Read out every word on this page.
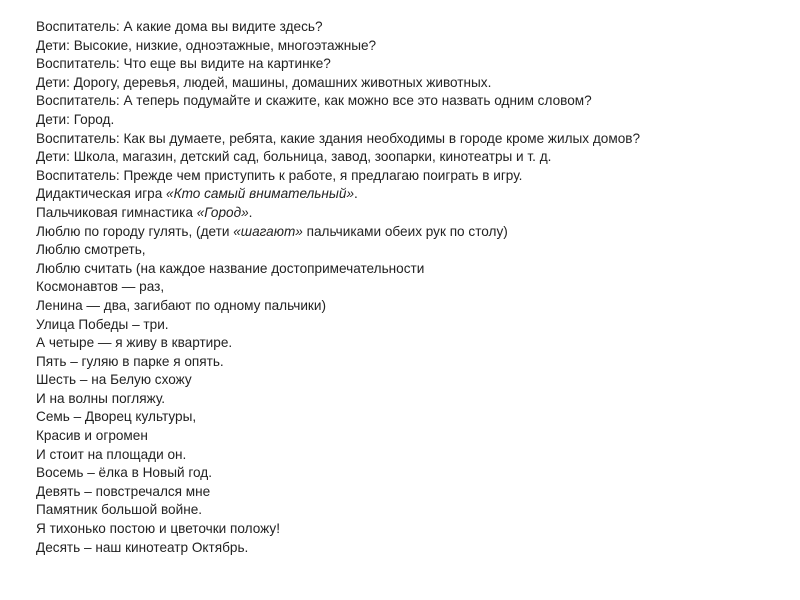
Воспитатель: А какие дома вы видите здесь?
Дети: Высокие, низкие, одноэтажные, многоэтажные?
Воспитатель: Что еще вы видите на картинке?
Дети: Дорогу, деревья, людей, машины, домашних животных животных.
Воспитатель: А теперь подумайте и скажите, как можно все это назвать одним словом?
Дети: Город.
Воспитатель: Как вы думаете, ребята, какие здания необходимы в городе кроме жилых домов?
Дети: Школа, магазин, детский сад, больница, завод, зоопарки, кинотеатры и т. д.
Воспитатель: Прежде чем приступить к работе, я предлагаю поиграть в игру.
Дидактическая игра «Кто самый внимательный».
Пальчиковая гимнастика «Город».
Люблю по городу гулять, (дети «шагают» пальчиками обеих рук по столу)
Люблю смотреть,
Люблю считать (на каждое название достопримечательности
Космонавтов — раз,
Ленина — два, загибают по одному пальчики)
Улица Победы – три.
А четыре — я живу в квартире.
Пять – гуляю в парке я опять.
Шесть – на Белую схожу
И на волны погляжу.
Семь – Дворец культуры,
Красив и огромен
И стоит на площади он.
Восемь – ёлка в Новый год.
Девять – повстречался мне
Памятник большой войне.
Я тихонько постою и цветочки положу!
Десять – наш кинотеатр Октябрь.
